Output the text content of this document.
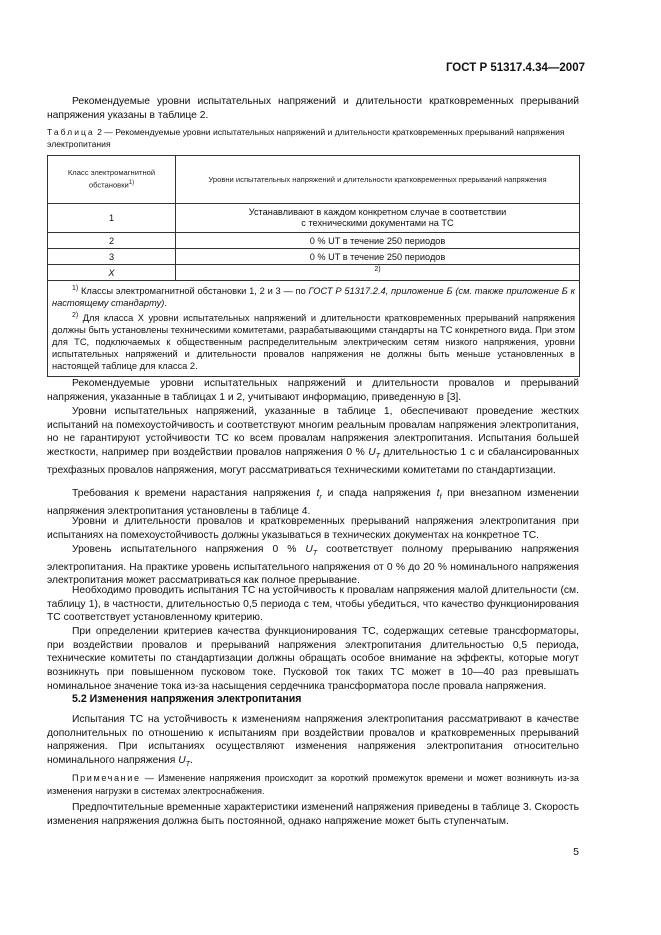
ГОСТ Р 51317.4.34—2007

Рекомендуемые уровни испытательных напряжений и длительности кратковременных прерываний напряжения указаны в таблице 2.

Таблица 2 — Рекомендуемые уровни испытательных напряжений и длительности кратковременных прерываний напряжения электропитания

Класс электромагнитной обстановки$^{1)}$	Уровни испытательных напряжений и длительности кратковременных прерываний напряжения
1	Устанавливают в каждом конкретном случае в соответствии
с техническими документами на ТС

2	0 % UT в течение 250 периодов
3	0 % UT в течение 250 периодов
X	2)

$^{1)}$ Классы электромагнитной обстановки 1, 2 и 3 — по ГОСТ Р 51317.2.4, приложение Б (см. также приложение Б к настоящему стандарту).

$^{2)}$ Для класса X уровни испытательных напряжений и длительности кратковременных прерываний напряжения должны быть установлены техническими комитетами, разрабатывающими стандарты на ТС конкретного вида. При этом для ТС, подключаемых к общественным распределительным электрическим сетям низкого напряжения, уровни испытательных напряжений и длительности провалов напряжения не должны быть меньше установленных в настоящей таблице для класса 2.	

Рекомендуемые уровни испытательных напряжений и длительности провалов и прерываний напряжения, указанные в таблицах 1 и 2, учитывают информацию, приведенную в [3].

Уровни испытательных напряжений, указанные в таблице 1, обеспечивают проведение жестких испытаний на помехоустойчивость и соответствуют многим реальным провалам напряжения электропитания, но не гарантируют устойчивости ТС ко всем провалам напряжения электропитания. Испытания большей жесткости, например при воздействии провалов напряжения 0 % $U_T$ длительностью 1 с и сбалансированных трехфазных провалов напряжения, могут рассматриваться техническими комитетами по стандартизации.

Требования к времени нарастания напряжения $t_r$ и спада напряжения $t_f$ при внезапном изменении напряжения электропитания установлены в таблице 4.

Уровни и длительности провалов и кратковременных прерываний напряжения электропитания при испытаниях на помехоустойчивость должны указываться в технических документах на конкретное ТС.

Уровень испытательного напряжения 0 % $U_T$ соответствует полному прерыванию напряжения электропитания. На практике уровень испытательного напряжения от 0 % до 20 % номинального напряжения электропитания может рассматриваться как полное прерывание.

Необходимо проводить испытания ТС на устойчивость к провалам напряжения малой длительности (см. таблицу 1), в частности, длительностью 0,5 периода с тем, чтобы убедиться, что качество функционирования ТС соответствует установленному критерию.

При определении критериев качества функционирования ТС, содержащих сетевые трансформаторы, при воздействии провалов и прерываний напряжения электропитания длительностью 0,5 периода, технические комитеты по стандартизации должны обращать особое внимание на эффекты, которые могут возникнуть при повышенном пусковом токе. Пусковой ток таких ТС может в 10—40 раз превышать номинальное значение тока из-за насыщения сердечника трансформатора после провала напряжения.

5.2 Изменения напряжения электропитания

Испытания ТС на устойчивость к изменениям напряжения электропитания рассматривают в качестве дополнительных по отношению к испытаниям при воздействии провалов и кратковременных прерываний напряжения. При испытаниях осуществляют изменения напряжения электропитания относительно номинального напряжения $U_T$.

Примечание — Изменение напряжения происходит за короткий промежуток времени и может возникнуть из-за изменения нагрузки в системах электроснабжения.

Предпочтительные временные характеристики изменений напряжения приведены в таблице 3. Скорость изменения напряжения должна быть постоянной, однако напряжение может быть ступенчатым.

5
